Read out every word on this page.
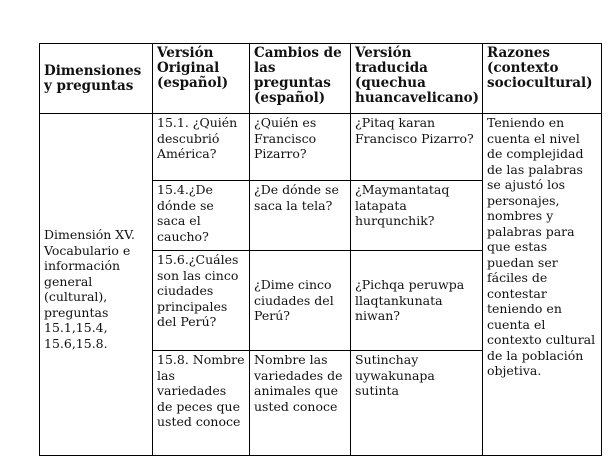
Dimensiones y preguntas	Versión Original (español)	Cambios de las preguntas (español)	Versión traducida (quechua huancavelicano)	Razones (contexto sociocultural)
Dimensión XV. Vocabulario e información general (cultural), preguntas 15.1,15.4, 15.6,15.8.	15.1. ¿Quién descubrió América?	¿Quién es Francisco Pizarro?	¿Pitaq karan Francisco Pizarro?	Teniendo en cuenta el nivel de complejidad de las palabras se ajustó los personajes, nombres y palabras para que estas puedan ser fáciles de contestar teniendo en cuenta el contexto cultural de la población objetiva.
	15.4.¿De dónde se saca el caucho?	¿De dónde se saca la tela?	¿Maymantataq latapata hurqunchik?	
	15.6.¿Cuáles son las cinco ciudades principales del Perú?	¿Dime cinco ciudades del Perú?	¿Pichqa peruwpa llaqtankunata niwan?	
	15.8. Nombre las variedades de peces que usted conoce	Nombre las variedades de animales que usted conoce	Sutinchay uywakunapa sutinta	
